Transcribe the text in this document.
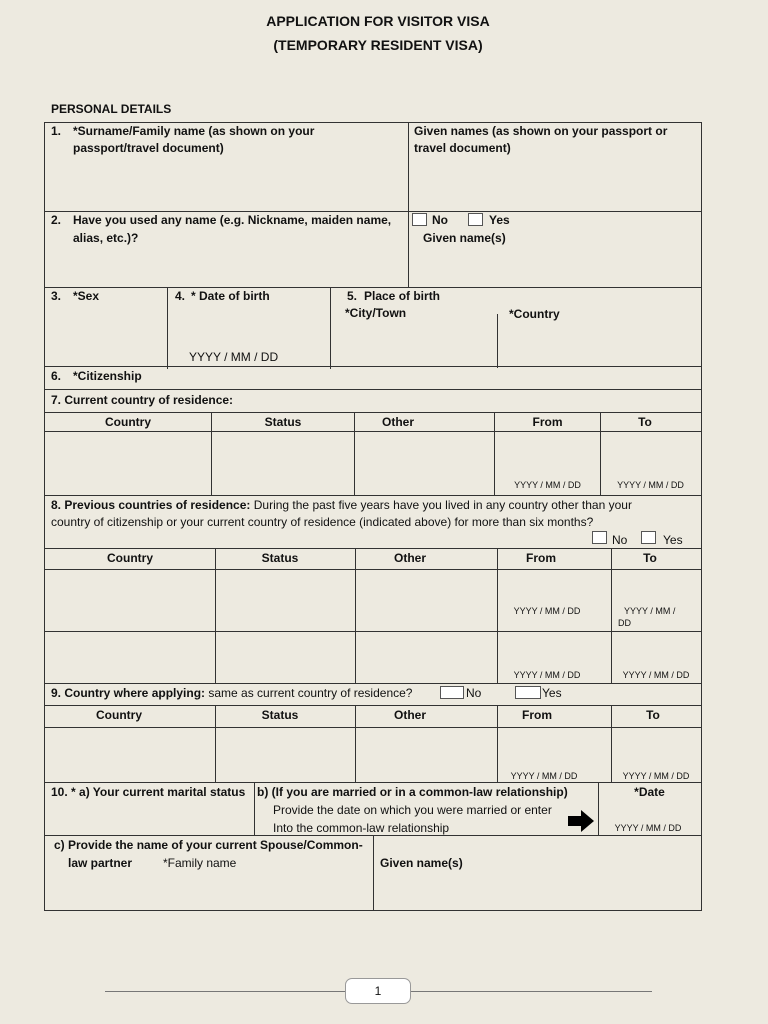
APPLICATION FOR VISITOR VISA
(TEMPORARY RESIDENT VISA)
PERSONAL DETAILS
1. *Surname/Family name (as shown on your
passport/travel document)
Given names (as shown on your passport or
travel document)
2. Have you used any name (e.g. Nickname, maiden name,
alias, etc.)?
No	Yes
Given name(s)
3. *Sex	4. * Date of birth
YYYY / MM / DD
5. Place of birth
*City/Town	*Country
6. *Citizenship
7. Current country of residence:
Country	Status	Other	From	To
YYYY / MM / DD	YYYY / MM / DD
8. Previous countries of residence: During the past five years have you lived in any country other than your
country of citizenship or your current country of residence (indicated above) for more than six months?
No	Yes
Country	Status	Other	From	To
YYYY / MM / DD	YYYY / MM /
DD
YYYY / MM / DD	YYYY / MM / DD
9. Country where applying: same as current country of residence?	No	Yes
Country	Status	Other	From	To
YYYY / MM / DD	YYYY / MM / DD
10. * a) Your current marital status b) (If you are married or in a common-law relationship)
Provide the date on which you were married or enter
Into the common-law relationship
*Date
YYYY / MM / DD
c) Provide the name of your current Spouse/Common-
law partner	*Family name	Given name(s)
1
